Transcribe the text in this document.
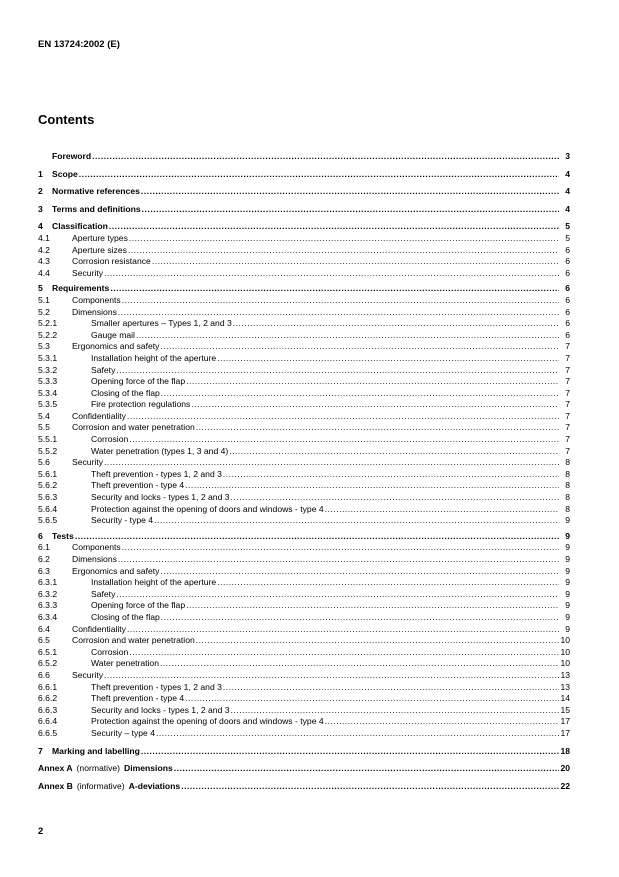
EN 13724:2002 (E)
Contents
Foreword .....	3
1	Scope .....	4
2	Normative references .....	4
3	Terms and definitions .....	4
4	Classification .....	5
4.1	Aperture types .....	5
4.2	Aperture sizes .....	6
4.3	Corrosion resistance .....	6
4.4	Security .....	6
5	Requirements .....	6
5.1	Components .....	6
5.2	Dimensions .....	6
5.2.1	Smaller apertures – Types 1, 2 and 3 .....	6
5.2.2	Gauge mail .....	6
5.3	Ergonomics and safety .....	7
5.3.1	Installation height of the aperture .....	7
5.3.2	Safety .....	7
5.3.3	Opening force of the flap .....	7
5.3.4	Closing of the flap .....	7
5.3.5	Fire protection regulations .....	7
5.4	Confidentiality .....	7
5.5	Corrosion and water penetration .....	7
5.5.1	Corrosion .....	7
5.5.2	Water penetration (types 1, 3 and 4) .....	7
5.6	Security .....	8
5.6.1	Theft prevention - types 1, 2 and 3 .....	8
5.6.2	Theft prevention - type 4 .....	8
5.6.3	Security and locks - types 1, 2 and 3 .....	8
5.6.4	Protection against the opening of doors and windows - type 4 .....	8
5.6.5	Security - type 4 .....	9
6	Tests .....	9
6.1	Components .....	9
6.2	Dimensions .....	9
6.3	Ergonomics and safety .....	9
6.3.1	Installation height of the aperture .....	9
6.3.2	Safety .....	9
6.3.3	Opening force of the flap .....	9
6.3.4	Closing of the flap .....	9
6.4	Confidentiality .....	9
6.5	Corrosion and water penetration .....	10
6.5.1	Corrosion .....	10
6.5.2	Water penetration .....	10
6.6	Security .....	13
6.6.1	Theft prevention - types 1, 2 and 3 .....	13
6.6.2	Theft prevention - type 4 .....	14
6.6.3	Security and locks - types 1, 2 and 3 .....	15
6.6.4	Protection against the opening of doors and windows - type 4 .....	17
6.6.5	Security – type 4 .....	17
7	Marking and labelling .....	18
Annex A (normative) Dimensions .....	20
Annex B (informative) A-deviations .....	22
2
